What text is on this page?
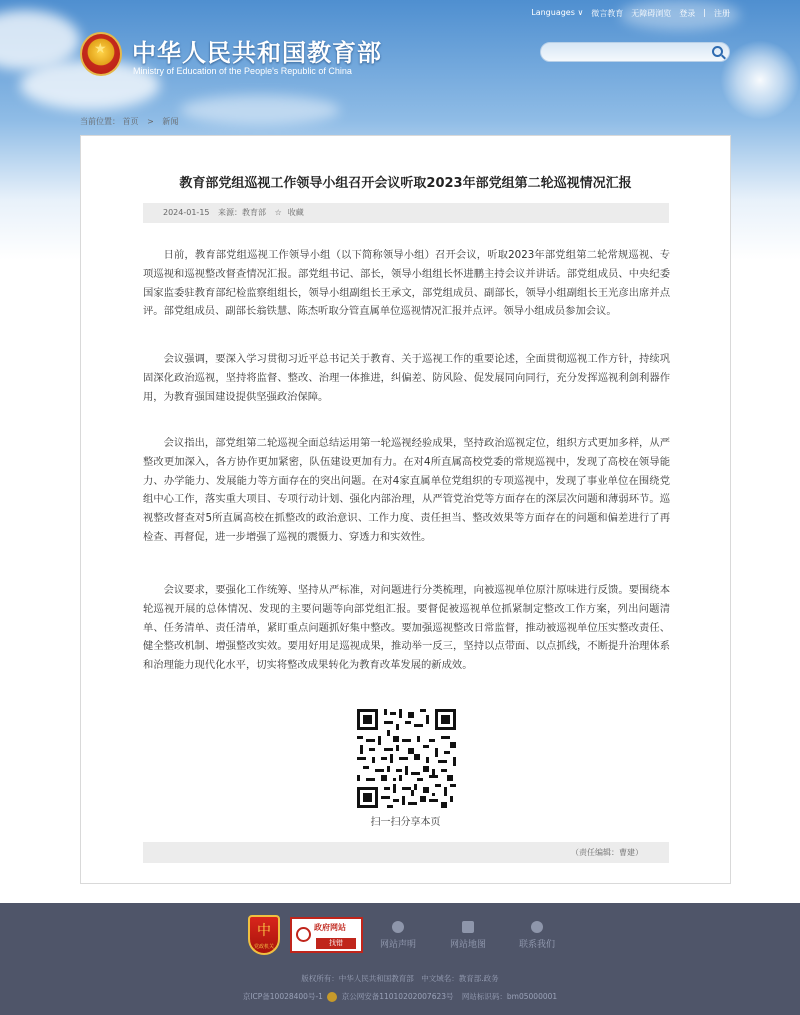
★ 中华人民共和国教育部
Ministry of Education of the People's Republic of China
Languages ∨ 微言教育 无障碍浏览 登录 | 注册
当前位置： 首页 > 新闻
教育部党组巡视工作领导小组召开会议听取2023年部党组第二轮巡视情况汇报
2024-01-15 来源：教育部 ☆ 收藏

日前，教育部党组巡视工作领导小组（以下简称领导小组）召开会议，听取2023年部党组第二轮常规巡视、专项巡视和巡视整改督查情况汇报。部党组书记、部长，领导小组组长怀进鹏主持会议并讲话。部党组成员、中央纪委国家监委驻教育部纪检监察组组长，领导小组副组长王承文，部党组成员、副部长，领导小组副组长王光彦出席并点评。部党组成员、副部长翁铁慧、陈杰听取分管直属单位巡视情况汇报并点评。领导小组成员参加会议。

会议强调，要深入学习贯彻习近平总书记关于教育、关于巡视工作的重要论述，全面贯彻巡视工作方针，持续巩固深化政治巡视，坚持将监督、整改、治理一体推进，纠偏差、防风险、促发展同向同行，充分发挥巡视利剑利器作用，为教育强国建设提供坚强政治保障。

会议指出，部党组第二轮巡视全面总结运用第一轮巡视经验成果，坚持政治巡视定位，组织方式更加多样，从严整改更加深入，各方协作更加紧密，队伍建设更加有力。在对4所直属高校党委的常规巡视中，发现了高校在领导能力、办学能力、发展能力等方面存在的突出问题。在对4家直属单位党组织的专项巡视中，发现了事业单位在围绕党组中心工作，落实重大项目、专项行动计划、强化内部治理，从严管党治党等方面存在的深层次问题和薄弱环节。巡视整改督查对5所直属高校在抓整改的政治意识、工作力度、责任担当、整改效果等方面存在的问题和偏差进行了再检查、再督促，进一步增强了巡视的震慑力、穿透力和实效性。

会议要求，要强化工作统筹、坚持从严标准，对问题进行分类梳理，向被巡视单位原汁原味进行反馈。要围绕本轮巡视开展的总体情况、发现的主要问题等向部党组汇报。要督促被巡视单位抓紧制定整改工作方案，列出问题清单、任务清单、责任清单，紧盯重点问题抓好集中整改。要加强巡视整改日常监督，推动被巡视单位压实整改责任、健全整改机制、增强整改实效。要用好用足巡视成果，推动举一反三，坚持以点带面、以点抓线，不断提升治理体系和治理能力现代化水平，切实将整改成果转化为教育改革发展的新成效。

扫一扫分享本页
（责任编辑：曹建）
中
党政机关
政府网站
找错	网站声明	网站地图	联系我们
版权所有：中华人民共和国教育部　中文域名：教育部.政务
京ICP备10028400号-1	京公网安备11010202007623号 网站标识码：bm05000001
